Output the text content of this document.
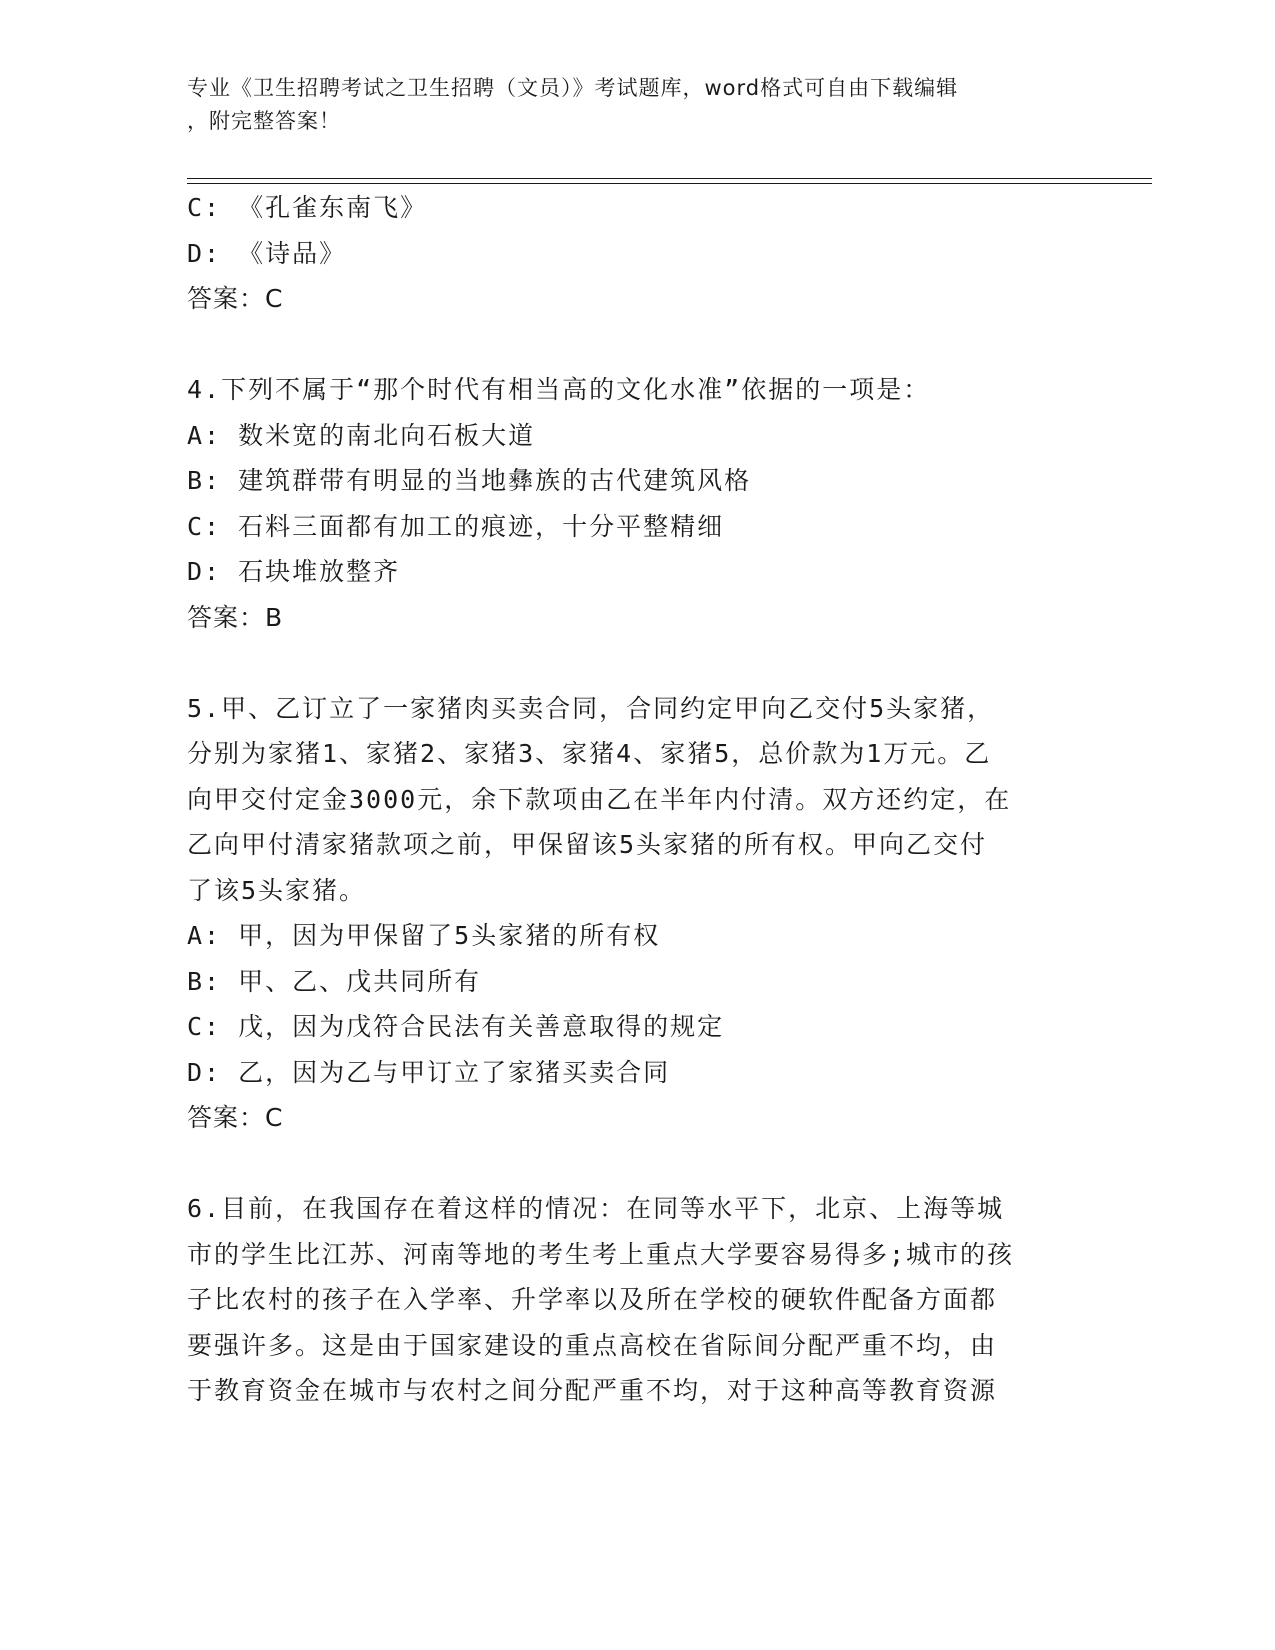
专业《卫生招聘考试之卫生招聘（文员）》考试题库，word格式可自由下载编辑
，附完整答案！
C: 《孔雀东南飞》
D: 《诗品》
答案：C
4.下列不属于“那个时代有相当高的文化水准”依据的一项是：
A: 数米宽的南北向石板大道
B: 建筑群带有明显的当地彝族的古代建筑风格
C: 石料三面都有加工的痕迹，十分平整精细
D: 石块堆放整齐
答案：B
5.甲、乙订立了一家猪肉买卖合同，合同约定甲向乙交付5头家猪，
分别为家猪1、家猪2、家猪3、家猪4、家猪5，总价款为1万元。乙
向甲交付定金3000元，余下款项由乙在半年内付清。双方还约定，在
乙向甲付清家猪款项之前，甲保留该5头家猪的所有权。甲向乙交付
了该5头家猪。
A: 甲，因为甲保留了5头家猪的所有权
B: 甲、乙、戊共同所有
C: 戊，因为戊符合民法有关善意取得的规定
D: 乙，因为乙与甲订立了家猪买卖合同
答案：C
6.目前，在我国存在着这样的情况：在同等水平下，北京、上海等城
市的学生比江苏、河南等地的考生考上重点大学要容易得多;城市的孩
子比农村的孩子在入学率、升学率以及所在学校的硬软件配备方面都
要强许多。这是由于国家建设的重点高校在省际间分配严重不均，由
于教育资金在城市与农村之间分配严重不均，对于这种高等教育资源
